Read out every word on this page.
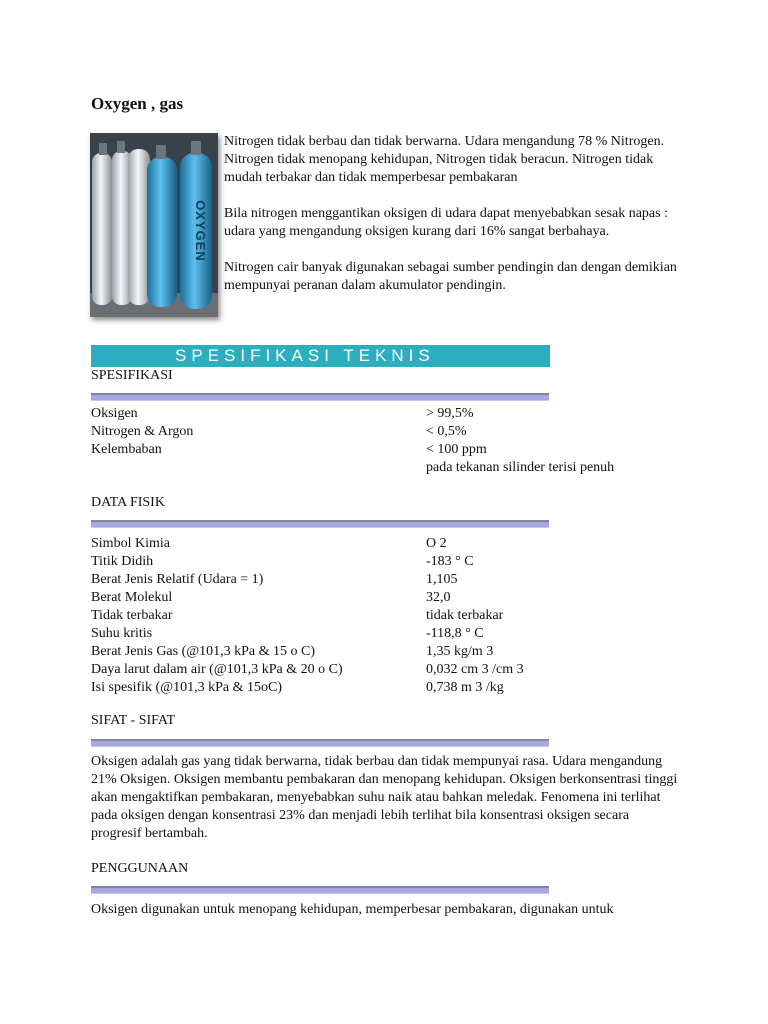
Oxygen , gas
OXYGEN

Nitrogen tidak berbau dan tidak berwarna. Udara mengandung 78 % Nitrogen. Nitrogen tidak menopang kehidupan, Nitrogen tidak beracun. Nitrogen tidak mudah terbakar dan tidak memperbesar pembakaran

Bila nitrogen menggantikan oksigen di udara dapat menyebabkan sesak napas : udara yang mengandung oksigen kurang dari 16% sangat berbahaya.

Nitrogen cair banyak digunakan sebagai sumber pendingin dan dengan demikian mempunyai peranan dalam akumulator pendingin.

SPESIFIKASI TEKNIS
SPESIFIKASI
Oksigen	> 99,5%
Nitrogen & Argon	< 0,5%
Kelembaban	< 100 ppm
	pada tekanan silinder terisi penuh
DATA FISIK
Simbol Kimia	O 2
Titik Didih	-183 ° C
Berat Jenis Relatif (Udara = 1)	1,105
Berat Molekul	32,0
Tidak terbakar	tidak terbakar
Suhu kritis	-118,8 ° C
Berat Jenis Gas (@101,3 kPa & 15 o C)	1,35 kg/m 3
Daya larut dalam air (@101,3 kPa & 20 o C)	0,032 cm 3 /cm 3
Isi spesifik (@101,3 kPa & 15oC)	0,738 m 3 /kg
SIFAT - SIFAT

Oksigen adalah gas yang tidak berwarna, tidak berbau dan tidak mempunyai rasa. Udara mengandung 21% Oksigen. Oksigen membantu pembakaran dan menopang kehidupan. Oksigen berkonsentrasi tinggi akan mengaktifkan pembakaran, menyebabkan suhu naik atau bahkan meledak. Fenomena ini terlihat pada oksigen dengan konsentrasi 23% dan menjadi lebih terlihat bila konsentrasi oksigen secara progresif bertambah.

PENGGUNAAN

Oksigen digunakan untuk menopang kehidupan, memperbesar pembakaran, digunakan untuk
